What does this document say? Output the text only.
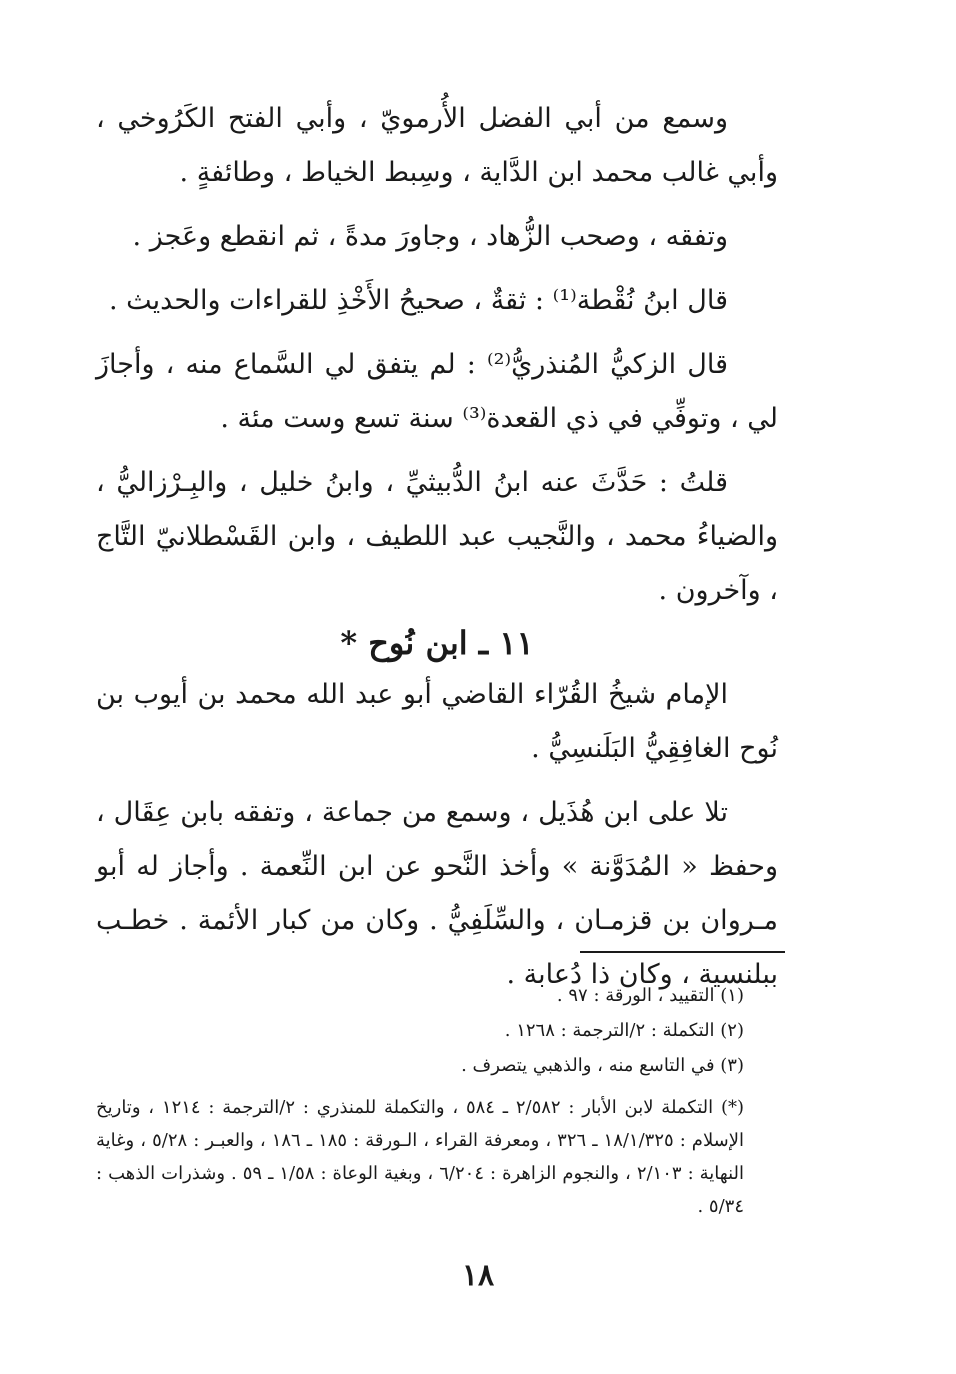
وسمع من أبي الفضل الأُرمويّ ، وأبي الفتح الكَرُوخي ، وأبي غالب محمد ابن الدَّاية ، وسِبط الخياط ، وطائفةٍ .

وتفقه ، وصحب الزُّهاد ، وجاورَ مدةً ، ثم انقطع وعَجز .

قال ابنُ نُقْطة⁽¹⁾ : ثقةٌ ، صحيحُ الأَخْذِ للقراءات والحديث .

قال الزكيُّ المُنذريُّ⁽²⁾ : لم يتفق لي السَّماع منه ، وأجازَ لي ، وتوفِّي في ذي القعدة⁽³⁾ سنة تسع وست مئة .

قلتُ : حَدَّثَ عنه ابنُ الدُّبيثيِّ ، وابنُ خليل ، والبِـرْزاليُّ ، والضياءُ محمد ، والنَّجيب عبد اللطيف ، وابن القَسْطلانيّ التَّاج ، وآخرون .

١١ ـ ابن نُوح *

الإمام شيخُ القُرّاء القاضي أبو عبد الله محمد بن أيوب بن نُوح الغافِقِيُّ البَلَنسِيُّ .

تلا على ابن هُذَيل ، وسمع من جماعة ، وتفقه بابن عِقَال ، وحفظ « المُدَوَّنة » وأخذ النَّحو عن ابن النِّعمة . وأجاز له أبو مـروان بن قزمـان ، والسِّلَفِيُّ . وكان من كبار الأئمة . خطـب ببلنسية ، وكان ذا دُعابة .

(١) التقييد ، الورقة : ٩٧ .

(٢) التكملة : ٢/الترجمة : ١٢٦٨ .

(٣) في التاسع منه ، والذهبي يتصرف .

(*) التكملة لابن الأبار : ٢/٥٨٢ ـ ٥٨٤ ، والتكملة للمنذري : ٢/الترجمة : ١٢١٤ ، وتاريخ الإسلام : ١٨/١/٣٢٥ ـ ٣٢٦ ، ومعرفة القراء ، الـورقة : ١٨٥ ـ ١٨٦ ، والعبـر : ٥/٢٨ ، وغاية النهاية : ٢/١٠٣ ، والنجوم الزاهرة : ٦/٢٠٤ ، وبغية الوعاة : ١/٥٨ ـ ٥٩ . وشذرات الذهب : ٥/٣٤ .

١٨
